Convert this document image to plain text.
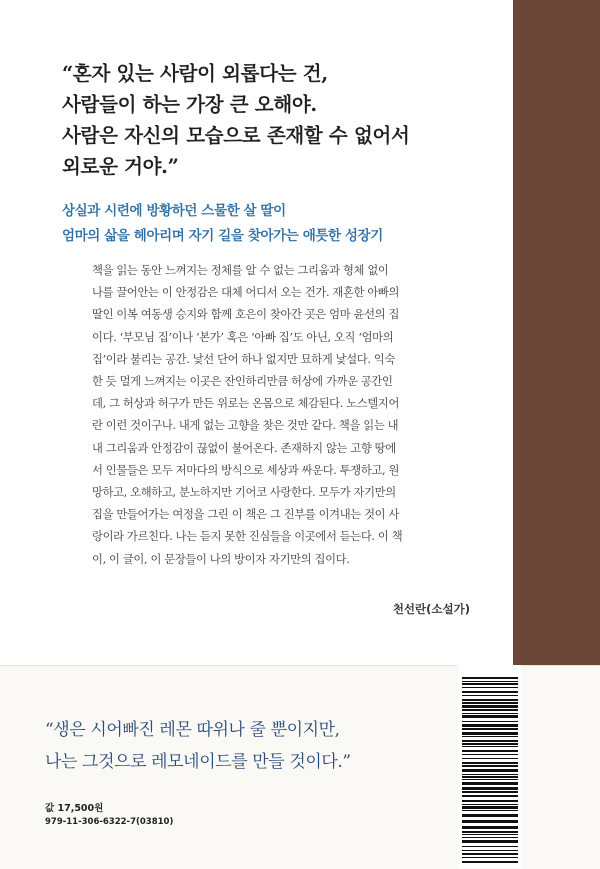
“혼자 있는 사람이 외롭다는 건,
사람들이 하는 가장 큰 오해야.
사람은 자신의 모습으로 존재할 수 없어서
외로운 거야.”
상실과 시련에 방황하던 스물한 살 딸이
엄마의 삶을 헤아리며 자기 길을 찾아가는 애틋한 성장기
책을 읽는 동안 느껴지는 정체를 알 수 없는 그리움과 형체 없이
나를 끌어안는 이 안정감은 대체 어디서 오는 건가. 재혼한 아빠의
딸인 이복 여동생 승지와 함께 호은이 찾아간 곳은 엄마 윤선의 집
이다. ‘부모님 집’이나 ‘본가’ 혹은 ‘아빠 집’도 아닌, 오직 ‘엄마의
집’이라 불리는 공간. 낯선 단어 하나 없지만 묘하게 낯설다. 익숙
한 듯 멀게 느껴지는 이곳은 잔인하리만큼 허상에 가까운 공간인
데, 그 허상과 허구가 만든 위로는 온몸으로 체감된다. 노스텔지어
란 이런 것이구나. 내게 없는 고향을 찾은 것만 같다. 책을 읽는 내
내 그리움과 안정감이 끊없이 불어온다. 존재하지 않는 고향 땅에
서 인물들은 모두 저마다의 방식으로 세상과 싸운다. 투쟁하고, 원
망하고, 오해하고, 분노하지만 기어코 사랑한다. 모두가 자기만의
집을 만들어가는 여정을 그린 이 책은 그 진부를 이겨내는 것이 사
랑이라 가르친다. 나는 듣지 못한 진심들을 이곳에서 듣는다. 이 책
이, 이 글이, 이 문장들이 나의 방이자 자기만의 집이다.
천선란(소설가)
“생은 시어빠진 레몬 따위나 줄 뿐이지만,
나는 그것으로 레모네이드를 만들 것이다.”
값 17,500원
979-11-306-6322-7(03810)
